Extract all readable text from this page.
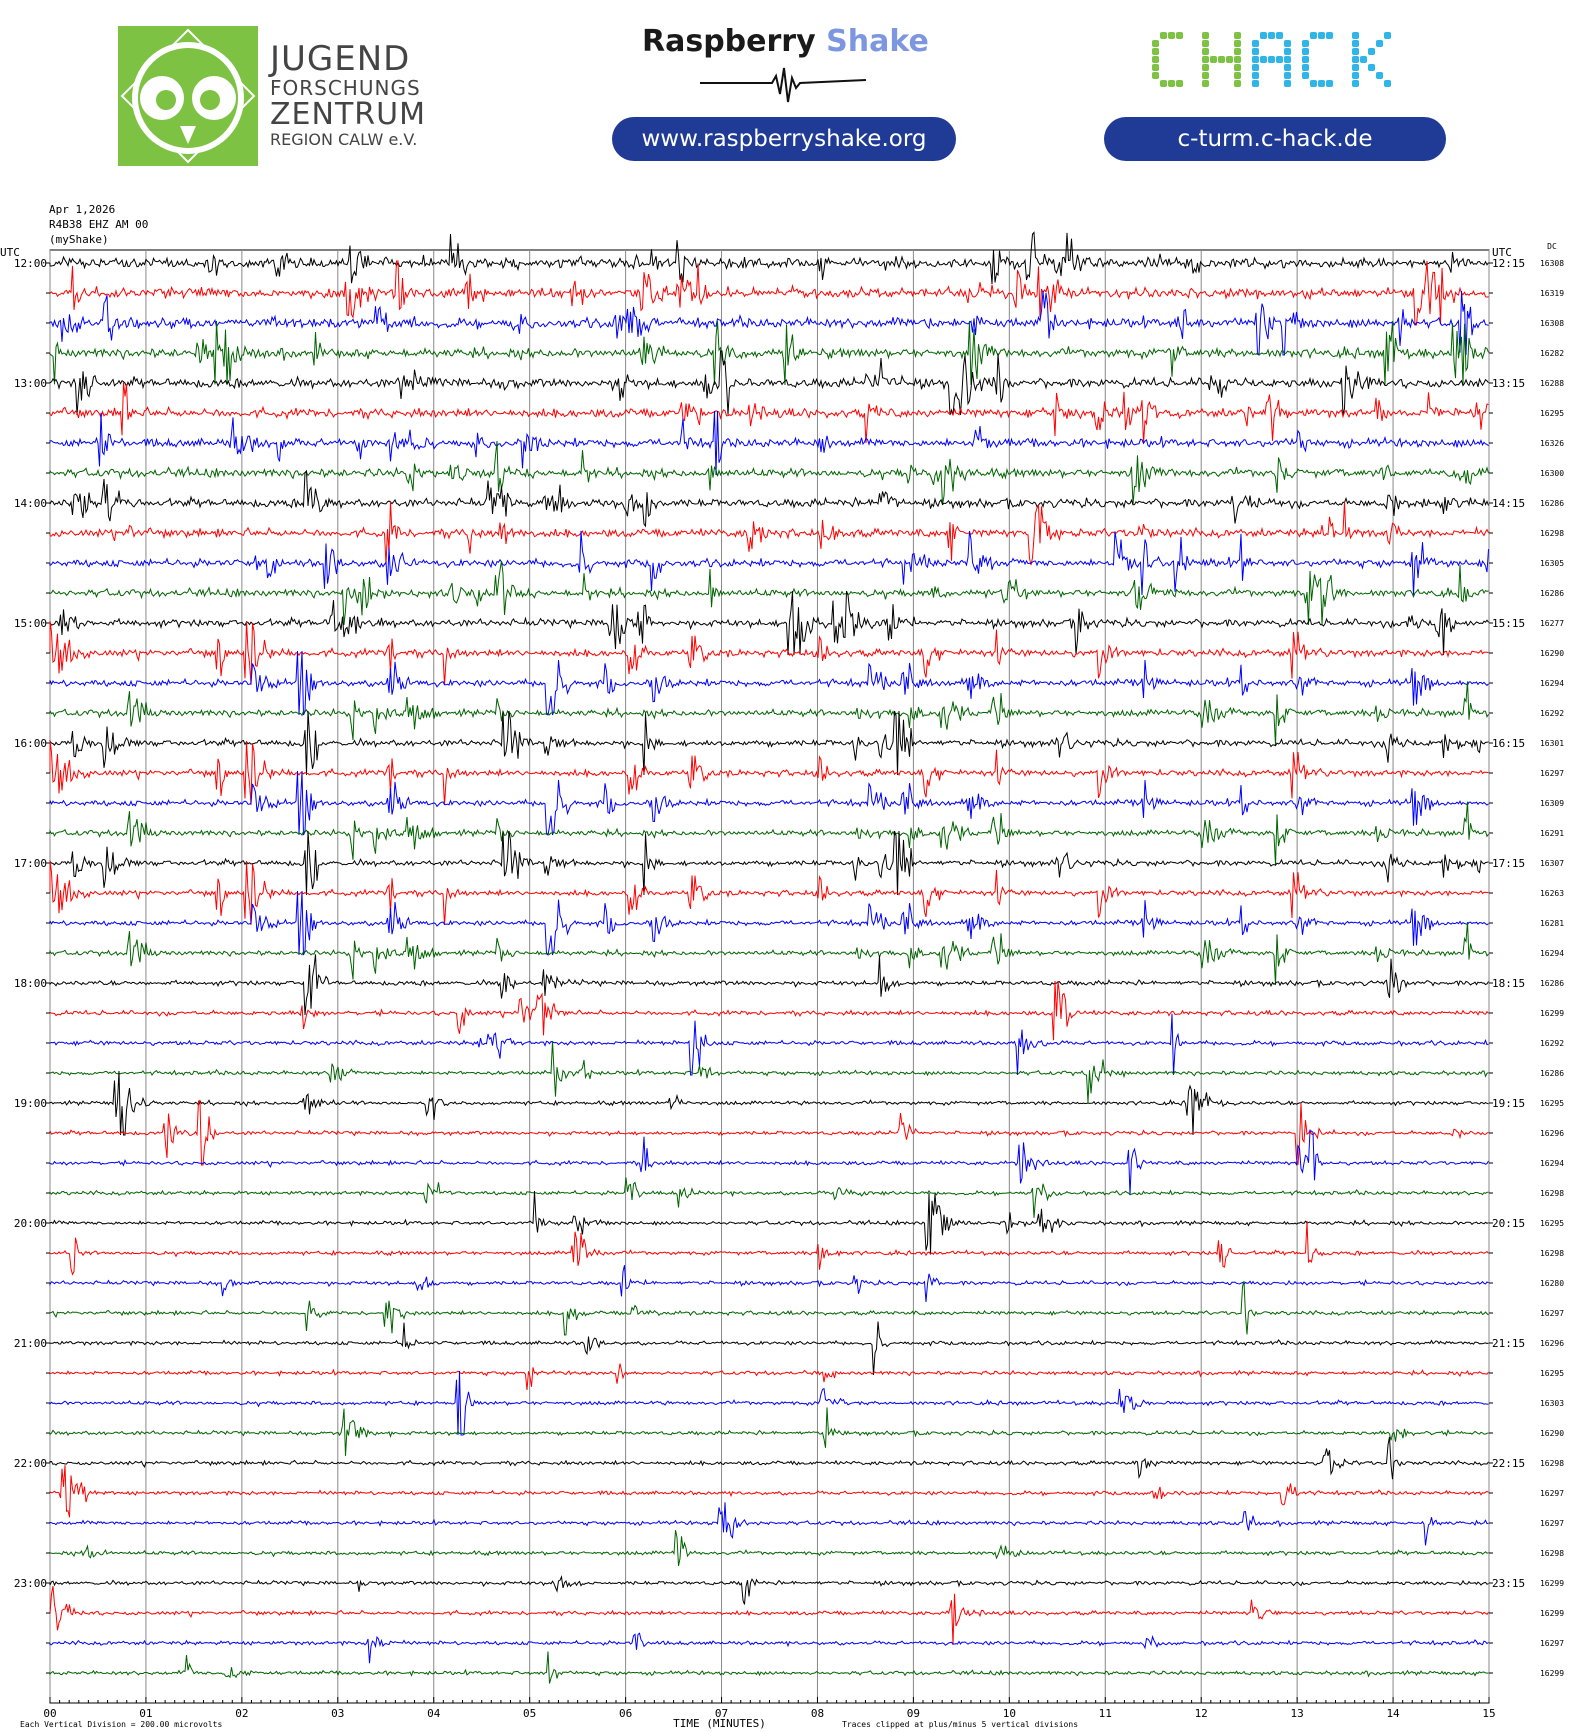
JUGEND
FORSCHUNGS
ZENTRUM
REGION CALW e.V.
Raspberry Shake
www.raspberryshake.org	c-turm.c-hack.de
Apr 1,2026
R4B38 EHZ AM 00
(myShake)
00	01	02	03	04	05	06	07	08	09	10	11	12	13	14	15
UTC	UTC	DC
TIME (MINUTES)
Each Vertical Division = 200.00 microvolts	Traces clipped at plus/minus 5 vertical divisions
16308
16319
16308
16282
16288
16295
16326
16300
16286
16298
16305
16286
16277
16290
16294
16292
16301
16297
16309
16291
16307
16263
16281
16294
16286
16299
16292
16286
16295
16296
16294
16298
16295
16298
16280
16297
16296
16295
16303
16290
16298
16297
16297
16298
16299
16299
16297
16299
12:00	12:15
13:00	13:15
14:00	14:15
15:00	15:15
16:00	16:15
17:00	17:15
18:00	18:15
19:00	19:15
20:00	20:15
21:00	21:15
22:00	22:15
23:00	23:15
